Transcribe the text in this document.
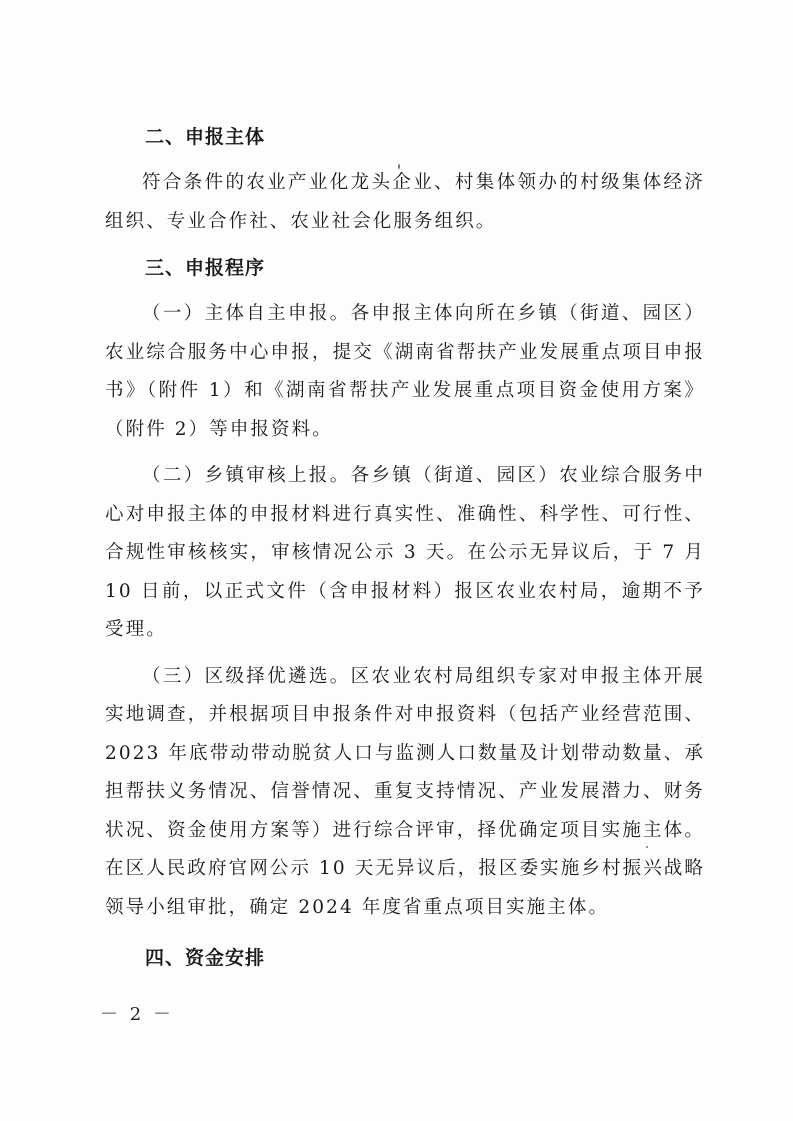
二、申报主体

符合条件的农业产业化龙头企业、村集体领办的村级集体经济组织、专业合作社、农业社会化服务组织。

三、申报程序

（一）主体自主申报。各申报主体向所在乡镇（街道、园区）农业综合服务中心申报，提交《湖南省帮扶产业发展重点项目申报书》（附件 1）和《湖南省帮扶产业发展重点项目资金使用方案》（附件 2）等申报资料。

（二）乡镇审核上报。各乡镇（街道、园区）农业综合服务中心对申报主体的申报材料进行真实性、准确性、科学性、可行性、合规性审核核实，审核情况公示 3 天。在公示无异议后，于 7 月 10 日前，以正式文件（含申报材料）报区农业农村局，逾期不予受理。

（三）区级择优遴选。区农业农村局组织专家对申报主体开展实地调查，并根据项目申报条件对申报资料（包括产业经营范围、2023 年底带动带动脱贫人口与监测人口数量及计划带动数量、承担帮扶义务情况、信誉情况、重复支持情况、产业发展潜力、财务状况、资金使用方案等）进行综合评审，择优确定项目实施主体。在区人民政府官网公示 10 天无异议后，报区委实施乡村振兴战略领导小组审批，确定 2024 年度省重点项目实施主体。

四、资金安排
－ 2 －
